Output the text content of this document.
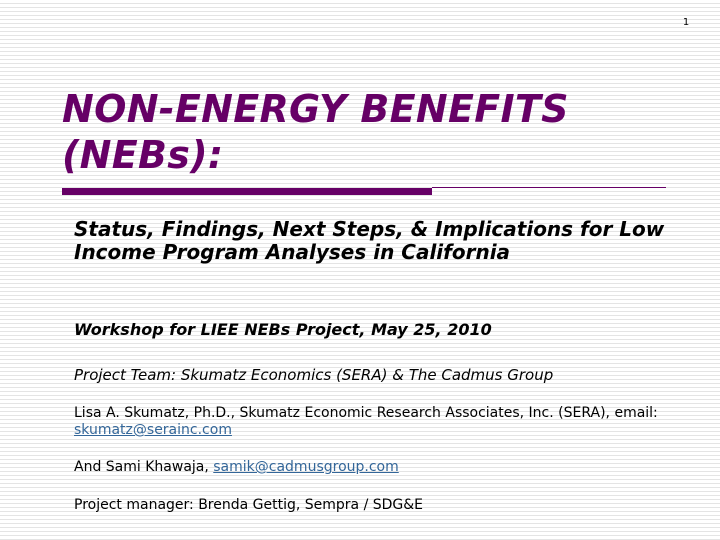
1
NON-ENERGY BENEFITS (NEBs):

Status, Findings, Next Steps, & Implications for Low Income Program Analyses in California

Workshop for LIEE NEBs Project, May 25, 2010

Project Team: Skumatz Economics (SERA) & The Cadmus Group

Lisa A. Skumatz, Ph.D., Skumatz Economic Research Associates, Inc. (SERA), email: skumatz@serainc.com

And Sami Khawaja, samik@cadmusgroup.com

Project manager: Brenda Gettig, Sempra / SDG&E
